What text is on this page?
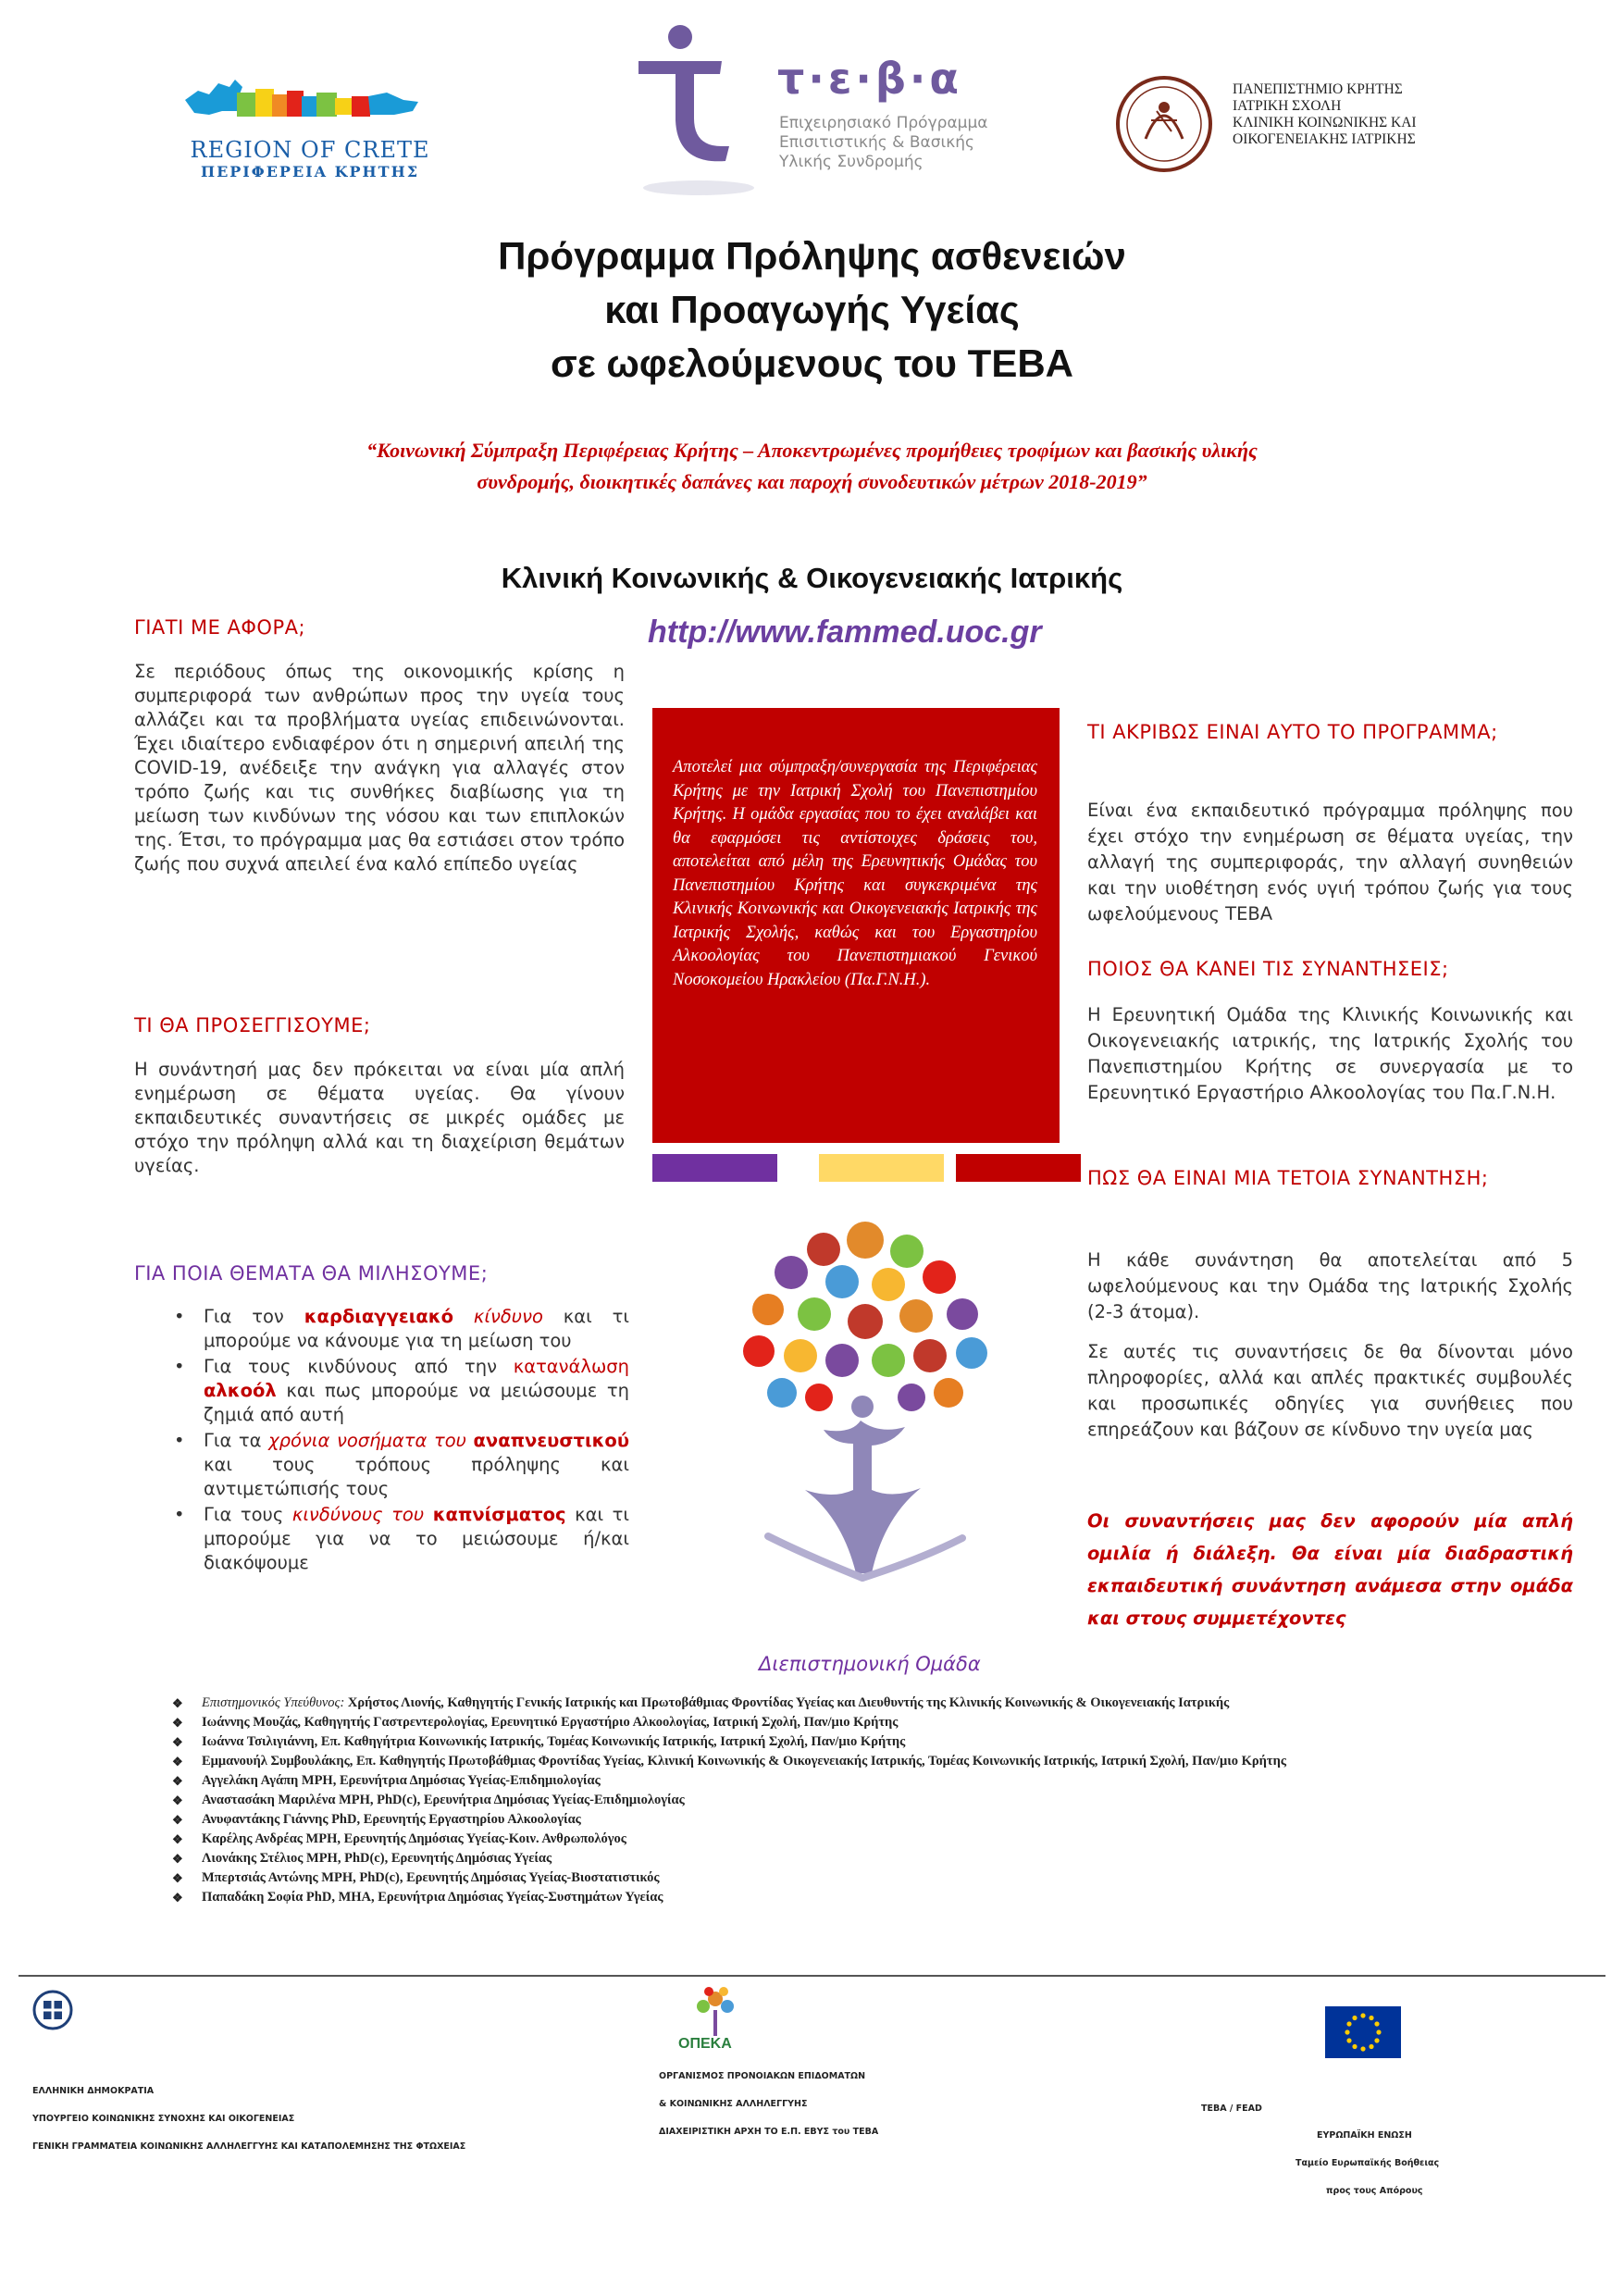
REGION OF CRETE
ΠΕΡΙΦΕΡΕΙΑ ΚΡΗΤΗΣ
τ·ε·β·α
Επιχειρησιακό Πρόγραμμα
Επισιτιστικής & Βασικής
Υλικής Συνδρομής
ΠΑΝΕΠΙΣΤΗΜΙΟ ΚΡΗΤΗΣ
ΙΑΤΡΙΚΗ ΣΧΟΛΗ
ΚΛΙΝΙΚΗ ΚΟΙΝΩΝΙΚΗΣ ΚΑΙ
ΟΙΚΟΓΕΝΕΙΑΚΗΣ ΙΑΤΡΙΚΗΣ
Πρόγραμμα Πρόληψης ασθενειών
και Προαγωγής Υγείας
σε ωφελούμενους του ΤΕΒΑ
“Κοινωνική Σύμπραξη Περιφέρειας Κρήτης – Αποκεντρωμένες προμήθειες τροφίμων και βασικής υλικής
συνδρομής, διοικητικές δαπάνες και παροχή συνοδευτικών μέτρων 2018-2019”
Κλινική Κοινωνικής & Οικογενειακής Ιατρικής
http://www.fammed.uoc.gr
ΓΙΑΤΙ ΜΕ ΑΦΟΡΑ;
Σε περιόδους όπως της οικονομικής κρίσης η συμπεριφορά των ανθρώπων προς την υγεία τους αλλάζει και τα προβλήματα υγείας επιδεινώνονται. Έχει ιδιαίτερο ενδιαφέρον ότι η σημερινή απειλή της COVID-19, ανέδειξε την ανάγκη για αλλαγές στον τρόπο ζωής και τις συνθήκες διαβίωσης για τη μείωση των κινδύνων της νόσου και των επιπλοκών της. Έτσι, το πρόγραμμα μας θα εστιάσει στον τρόπο ζωής που συχνά απειλεί ένα καλό επίπεδο υγείας
ΤΙ ΘΑ ΠΡΟΣΕΓΓΙΣΟΥΜΕ;
Η συνάντησή μας δεν πρόκειται να είναι μία απλή ενημέρωση σε θέματα υγείας. Θα γίνουν εκπαιδευτικές συναντήσεις σε μικρές ομάδες με στόχο την πρόληψη αλλά και τη διαχείριση θεμάτων υγείας.
ΓΙΑ ΠΟΙΑ ΘΕΜΑΤΑ ΘΑ ΜΙΛΗΣΟΥΜΕ;
• Για τον καρδιαγγειακό κίνδυνο και τι μπορούμε να κάνουμε για τη μείωση του
• Για τους κινδύνους από την κατανάλωση αλκοόλ και πως μπορούμε να μειώσουμε τη ζημιά από αυτή
• Για τα χρόνια νοσήματα του αναπνευστικού και τους τρόπους πρόληψης και αντιμετώπισής τους
• Για τους κινδύνους του καπνίσματος και τι μπορούμε για να το μειώσουμε ή/και διακόψουμε

Αποτελεί μια σύμπραξη/συνεργασία της Περιφέρειας Κρήτης με την Ιατρική Σχολή του Πανεπιστημίου Κρήτης. Η ομάδα εργασίας που το έχει αναλάβει και θα εφαρμόσει τις αντίστοιχες δράσεις του, αποτελείται από μέλη της Ερευνητικής Ομάδας του Πανεπιστημίου Κρήτης και συγκεκριμένα της Κλινικής Κοινωνικής και Οικογενειακής Ιατρικής της Ιατρικής Σχολής, καθώς και του Εργαστηρίου Αλκοολογίας του Πανεπιστημιακού Γενικού Νοσοκομείου Ηρακλείου (Πα.Γ.Ν.Η.).

ΤΙ ΑΚΡΙΒΩΣ ΕΙΝΑΙ ΑΥΤΟ ΤΟ ΠΡΟΓΡΑΜΜΑ;
Είναι ένα εκπαιδευτικό πρόγραμμα πρόληψης που έχει στόχο την ενημέρωση σε θέματα υγείας, την αλλαγή της συμπεριφοράς, την αλλαγή συνηθειών και την υιοθέτηση ενός υγιή τρόπου ζωής για τους ωφελούμενους ΤΕΒΑ
ΠΟΙΟΣ ΘΑ ΚΑΝΕΙ ΤΙΣ ΣΥΝΑΝΤΗΣΕΙΣ;
Η Ερευνητική Ομάδα της Κλινικής Κοινωνικής και Οικογενειακής ιατρικής, της Ιατρικής Σχολής του Πανεπιστημίου Κρήτης σε συνεργασία με το Ερευνητικό Εργαστήριο Αλκοολογίας του Πα.Γ.Ν.Η.
ΠΩΣ ΘΑ ΕΙΝΑΙ ΜΙΑ ΤΕΤΟΙΑ ΣΥΝΑΝΤΗΣΗ;
Η κάθε συνάντηση θα αποτελείται από 5 ωφελούμενους και την Ομάδα της Ιατρικής Σχολής (2-3 άτομα).
Σε αυτές τις συναντήσεις δε θα δίνονται μόνο πληροφορίες, αλλά και απλές πρακτικές συμβουλές και προσωπικές οδηγίες για συνήθειες που επηρεάζουν και βάζουν σε κίνδυνο την υγεία μας
Οι συναντήσεις μας δεν αφορούν μία απλή ομιλία ή διάλεξη. Θα είναι μία διαδραστική εκπαιδευτική συνάντηση ανάμεσα στην ομάδα και στους συμμετέχοντες
Διεπιστημονική Ομάδα
❖ Επιστημονικός Υπεύθυνος: Χρήστος Λιονής, Καθηγητής Γενικής Ιατρικής και Πρωτοβάθμιας Φροντίδας Υγείας και Διευθυντής της Κλινικής Κοινωνικής & Οικογενειακής Ιατρικής
❖ Ιωάννης Μουζάς, Καθηγητής Γαστρεντερολογίας, Ερευνητικό Εργαστήριο Αλκοολογίας, Ιατρική Σχολή, Παν/μιο Κρήτης
❖ Ιωάννα Τσιλιγιάννη, Επ. Καθηγήτρια Κοινωνικής Ιατρικής, Τομέας Κοινωνικής Ιατρικής, Ιατρική Σχολή, Παν/μιο Κρήτης
❖ Εμμανουήλ Συμβουλάκης, Επ. Καθηγητής Πρωτοβάθμιας Φροντίδας Υγείας, Κλινική Κοινωνικής & Οικογενειακής Ιατρικής, Τομέας Κοινωνικής Ιατρικής, Ιατρική Σχολή, Παν/μιο Κρήτης
❖ Αγγελάκη Αγάπη MPH, Ερευνήτρια Δημόσιας Υγείας-Επιδημιολογίας
❖ Αναστασάκη Μαριλένα MPH, PhD(c), Ερευνήτρια Δημόσιας Υγείας-Επιδημιολογίας
❖ Ανυφαντάκης Γιάννης PhD, Ερευνητής Εργαστηρίου Αλκοολογίας
❖ Καρέλης Ανδρέας MPH, Ερευνητής Δημόσιας Υγείας-Κοιν. Ανθρωπολόγος
❖ Λιονάκης Στέλιος MPH, PhD(c), Ερευνητής Δημόσιας Υγείας
❖ Μπερτσιάς Αντώνης MPH, PhD(c), Ερευνητής Δημόσιας Υγείας-Βιοστατιστικός
❖ Παπαδάκη Σοφία PhD, MHA, Ερευνήτρια Δημόσιας Υγείας-Συστημάτων Υγείας
ΕΛΛΗΝΙΚΗ ΔΗΜΟΚΡΑΤΙΑ
ΥΠΟΥΡΓΕΙΟ ΚΟΙΝΩΝΙΚΗΣ ΣΥΝΟΧΗΣ ΚΑΙ ΟΙΚΟΓΕΝΕΙΑΣ
ΓΕΝΙΚΗ ΓΡΑΜΜΑΤΕΙΑ ΚΟΙΝΩΝΙΚΗΣ ΑΛΛΗΛΕΓΓΥΗΣ ΚΑΙ ΚΑΤΑΠΟΛΕΜΗΣΗΣ ΤΗΣ ΦΤΩΧΕΙΑΣ
ΟΠΕΚΑ
ΟΡΓΑΝΙΣΜΟΣ ΠΡΟΝΟΙΑΚΩΝ ΕΠΙΔΟΜΑΤΩΝ
& ΚΟΙΝΩΝΙΚΗΣ ΑΛΛΗΛΕΓΓΥΗΣ
ΔΙΑΧΕΙΡΙΣΤΙΚΗ ΑΡΧΗ ΤΟ Ε.Π. ΕΒΥΣ του ΤΕΒΑ
ΤΕΒΑ / FEAD
ΕΥΡΩΠΑΪΚΗ ΕΝΩΣΗ
Ταμείο Ευρωπαϊκής Βοήθειας
προς τους Απόρους
